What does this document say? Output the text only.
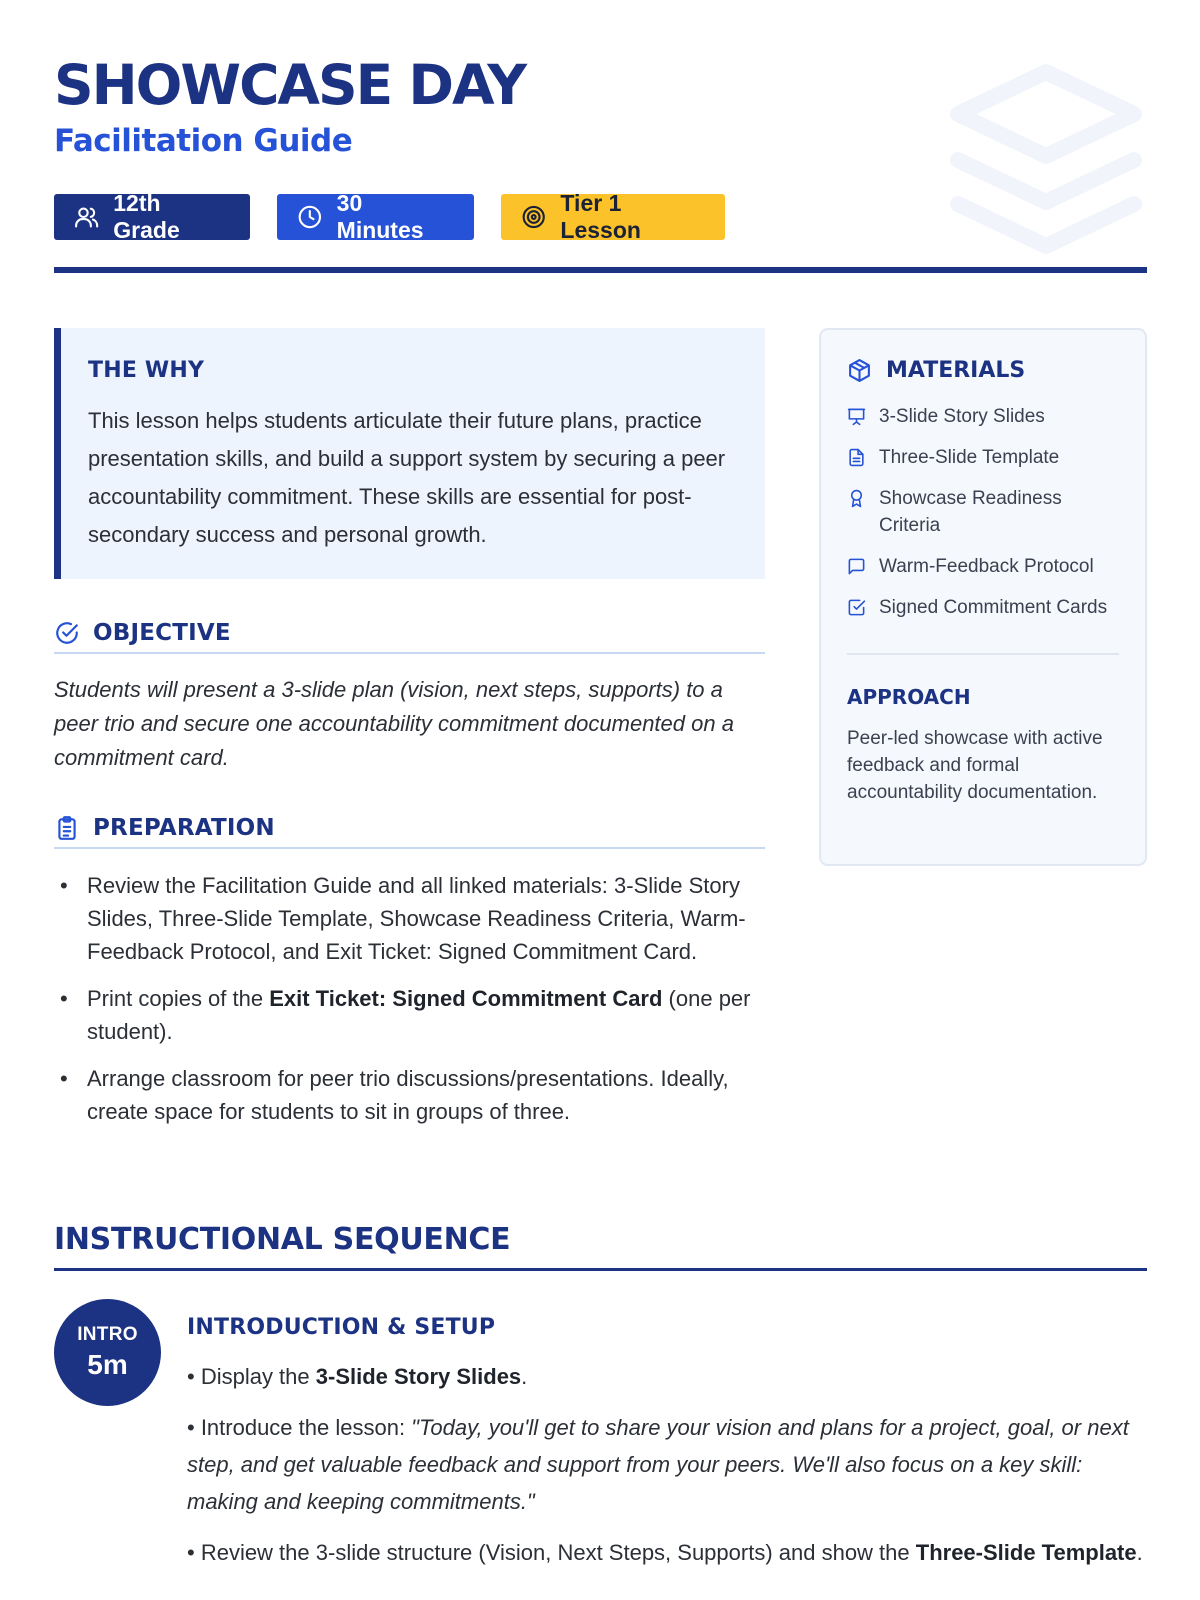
SHOWCASE DAY
Facilitation Guide
12th Grade
30 Minutes
Tier 1 Lesson
THE WHY

This lesson helps students articulate their future plans, practice presentation skills, and build a support system by securing a peer accountability commitment. These skills are essential for post-secondary success and personal growth.

OBJECTIVE
Students will present a 3-slide plan (vision, next steps, supports) to a peer trio and secure one accountability commitment documented on a commitment card.
PREPARATION
• Review the Facilitation Guide and all linked materials: 3-Slide Story Slides, Three-Slide Template, Showcase Readiness Criteria, Warm-Feedback Protocol, and Exit Ticket: Signed Commitment Card.
• Print copies of the Exit Ticket: Signed Commitment Card (one per student).
• Arrange classroom for peer trio discussions/presentations. Ideally, create space for students to sit in groups of three.
MATERIALS
3-Slide Story Slides
Three-Slide Template
Showcase Readiness Criteria
Warm-Feedback Protocol
Signed Commitment Cards
APPROACH
Peer-led showcase with active feedback and formal accountability documentation.
INSTRUCTIONAL SEQUENCE
INTRO
5m
INTRODUCTION & SETUP
• Display the 3-Slide Story Slides.
• Introduce the lesson: "Today, you'll get to share your vision and plans for a project, goal, or next step, and get valuable feedback and support from your peers. We'll also focus on a key skill: making and keeping commitments."
• Review the 3-slide structure (Vision, Next Steps, Supports) and show the Three-Slide Template.
